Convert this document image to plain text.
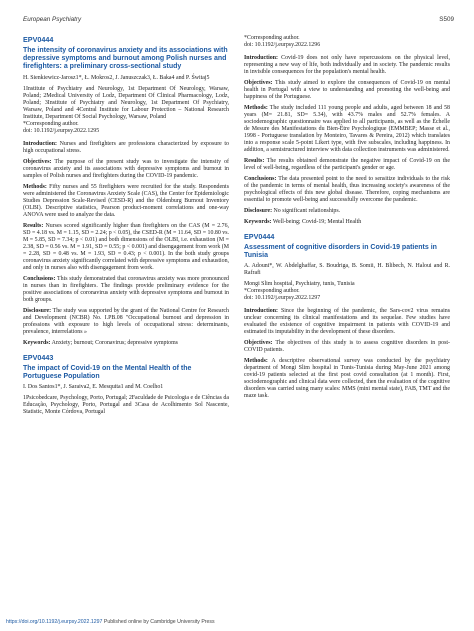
European Psychiatry	S509
EPV0444
The intensity of coronavirus anxiety and its associations with depressive symptoms and burnout among Polish nurses and firefighters: a preliminary cross-sectional study

H. Sienkiewicz-Jarosz1*, Ł. Mokros2, J. Januszczak3, Ł. Baka4 and P. Świtaj5

1Institute of Psychiatry and Neurology, 1st Department Of Neurology, Warsaw, Poland; 2Medical University of Lodz, Department Of Clinical Pharmacology, Lodz, Poland; 3Institute of Psychiatry and Neurology, 1st Department Of Psychiatry, Warsaw, Poland and 4Central Institute for Labour Protection – National Research Institute, Department Of Social Psychology, Warsaw, Poland

*Corresponding author.

doi: 10.1192/j.eurpsy.2022.1295

Introduction: Nurses and firefighters are professions characterized by exposure to high occupational stress.

Objectives: The purpose of the present study was to investigate the intensity of coronavirus anxiety and its associations with depressive symptoms and burnout in samples of Polish nurses and firefighters during the COVID-19 pandemic.

Methods: Fifty nurses and 55 firefighters were recruited for the study. Respondents were administered the Coronavirus Anxiety Scale (CAS), the Center for Epidemiologic Studies Depression Scale-Revised (CESD-R) and the Oldenburg Burnout Inventory (OLBI). Descriptive statistics, Pearson product-moment correlations and one-way ANOVA were used to analyze the data.

Results: Nurses scored significantly higher than firefighters on the CAS (M = 2.76, SD = 4.18 vs. M = 1.15, SD = 2.24; p < 0.05), the CSED-R (M = 11.64, SD = 10.80 vs. M = 5.85, SD = 7.34; p < 0.01) and both dimensions of the OLBI, i.e. exhaustion (M = 2.38, SD = 0.56 vs. M = 1.91, SD = 0.55; p < 0.001) and disengagement from work (M = 2.28, SD = 0.48 vs. M = 1.93, SD = 0.43; p < 0.001). In the both study groups coronavirus anxiety significantly correlated with depressive symptoms and exhaustion, and only in nurses also with disengagement from work.

Conclusions: This study demonstrated that coronavirus anxiety was more pronounced in nurses than in firefighters. The findings provide preliminary evidence for the positive associations of coronavirus anxiety with depressive symptoms and burnout in both groups.

Disclosure: The study was supported by the grant of the National Centre for Research and Development (NCBR) No. I.PB.08 "Occupational burnout and depression in professions with exposure to high levels of occupational stress: determinants, prevalence, interrelations »

Keywords: Anxiety; burnout; Coronavirus; depressive symptoms

EPV0443
The impact of Covid-19 on the Mental Health of the Portuguese Population

I. Dos Santos1*, J. Saraiva2, E. Mesquita1 and M. Coelho1

1Psicobedcare, Psychology, Porto, Portugal; 2Faculdade de Psicologia e de Ciências da Educação, Psychology, Porto, Portugal and 3Casa de Acolhimento Sol Nascente, Statistic, Monte Córdova, Portugal

*Corresponding author.

doi: 10.1192/j.eurpsy.2022.1296

Introduction: Covid-19 does not only have repercussions on the physical level, representing a new way of life, both individually and in society. The pandemic results in invisible consequences for the population's mental health.

Objectives: This study aimed to explore the consequences of Covid-19 on mental health in Portugal with a view to understanding and promoting the well-being and happiness of the Portuguese.

Methods: The study included 111 young people and adults, aged between 18 and 58 years (M= 21.81, SD= 5.34), with 43.7% males and 52.7% females. A sociodemographic questionnaire was applied to all participants, as well as the Échelle de Mesure des Manifestations du Bien-Être Psychologique (EMMBEP; Masse et al., 1998 - Portuguese translation by Monteiro, Tavares & Pereira, 2012) which translates into a response scale 5-point Likert type, with five subscales, including happiness. In addition, a semistructured interview with data collection instruments was administered.

Results: The results obtained demonstrate the negative impact of Covid-19 on the level of well-being, regardless of the participant's gender or age.

Conclusions: The data presented point to the need to sensitize individuals to the risk of the pandemic in terms of mental health, thus increasing society's awareness of the psychological effects of this new global disease. Therefore, coping mechanisms are essential to promote well-being and successfully overcome the pandemic.

Disclosure: No significant relationships.

Keywords: Well-being; Covid-19; Mental Health

EPV0444
Assessment of cognitive disorders in Covid-19 patients in Tunisia

A. Adouni*, W. Abdelghaffar, S. Boudriga, B. Somii, H. Blibech, N. Haloui and R. Rafrafi

Mongi Slim hospital, Psychiatry, tunis, Tunisia
*Corresponding author.

doi: 10.1192/j.eurpsy.2022.1297

Introduction: Since the beginning of the pandemic, the Sars-cov2 virus remains unclear concerning its clinical manifestations and its sequelae. Few studies have evaluated the existence of cognitive impairment in patients with COVID-19 and estimated its imputability in the development of these disorders.

Objectives: The objectives of this study is to assess cognitive disorders in post-COVID patients.

Methods: A descriptive observational survey was conducted by the psychiatry department of Mongi Slim hospital in Tunis-Tunisia during May-June 2021 among covid-19 patients selected at the first post covid consultation (at 1 month). First, sociodemographic and clinical data were collected, then the evaluation of the cognitive disorders was carried using many scales: MMS (mini mental state), FAB, TMT and the maze task.

https://doi.org/10.1192/j.eurpsy.2022.1297 Published online by Cambridge University Press
